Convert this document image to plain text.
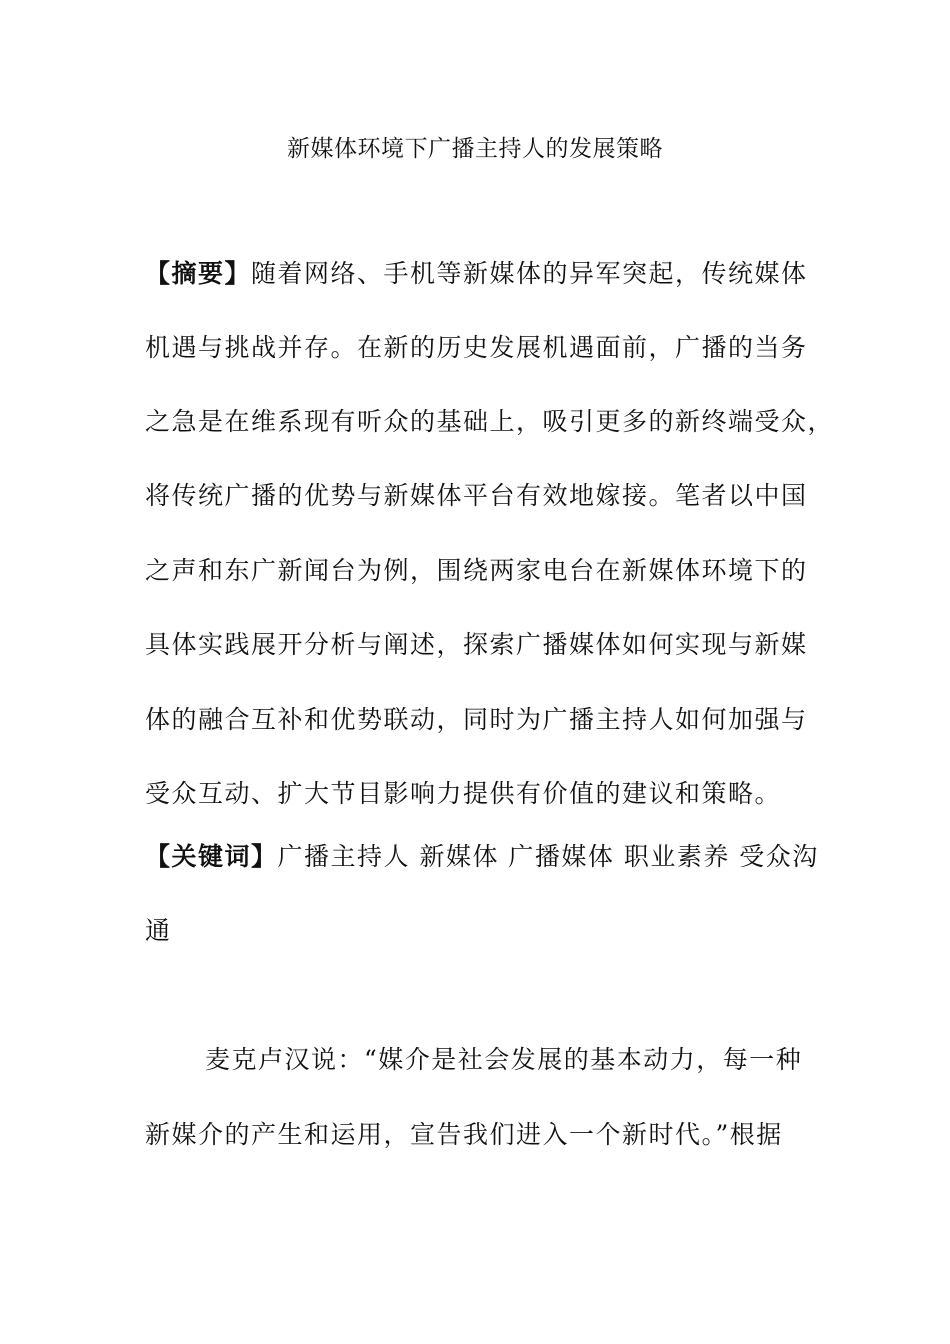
新媒体环境下广播主持人的发展策略
【摘要】随着网络、手机等新媒体的异军突起，传统媒体
机遇与挑战并存。在新的历史发展机遇面前，广播的当务
之急是在维系现有听众的基础上，吸引更多的新终端受众，
将传统广播的优势与新媒体平台有效地嫁接。笔者以中国
之声和东广新闻台为例，围绕两家电台在新媒体环境下的
具体实践展开分析与阐述，探索广播媒体如何实现与新媒
体的融合互补和优势联动，同时为广播主持人如何加强与
受众互动、扩大节目影响力提供有价值的建议和策略。
【关键词】广播主持人 新媒体 广播媒体 职业素养 受众沟
通
麦克卢汉说：“媒介是社会发展的基本动力，每一种
新媒介的产生和运用，宣告我们进入一个新时代。”根据
